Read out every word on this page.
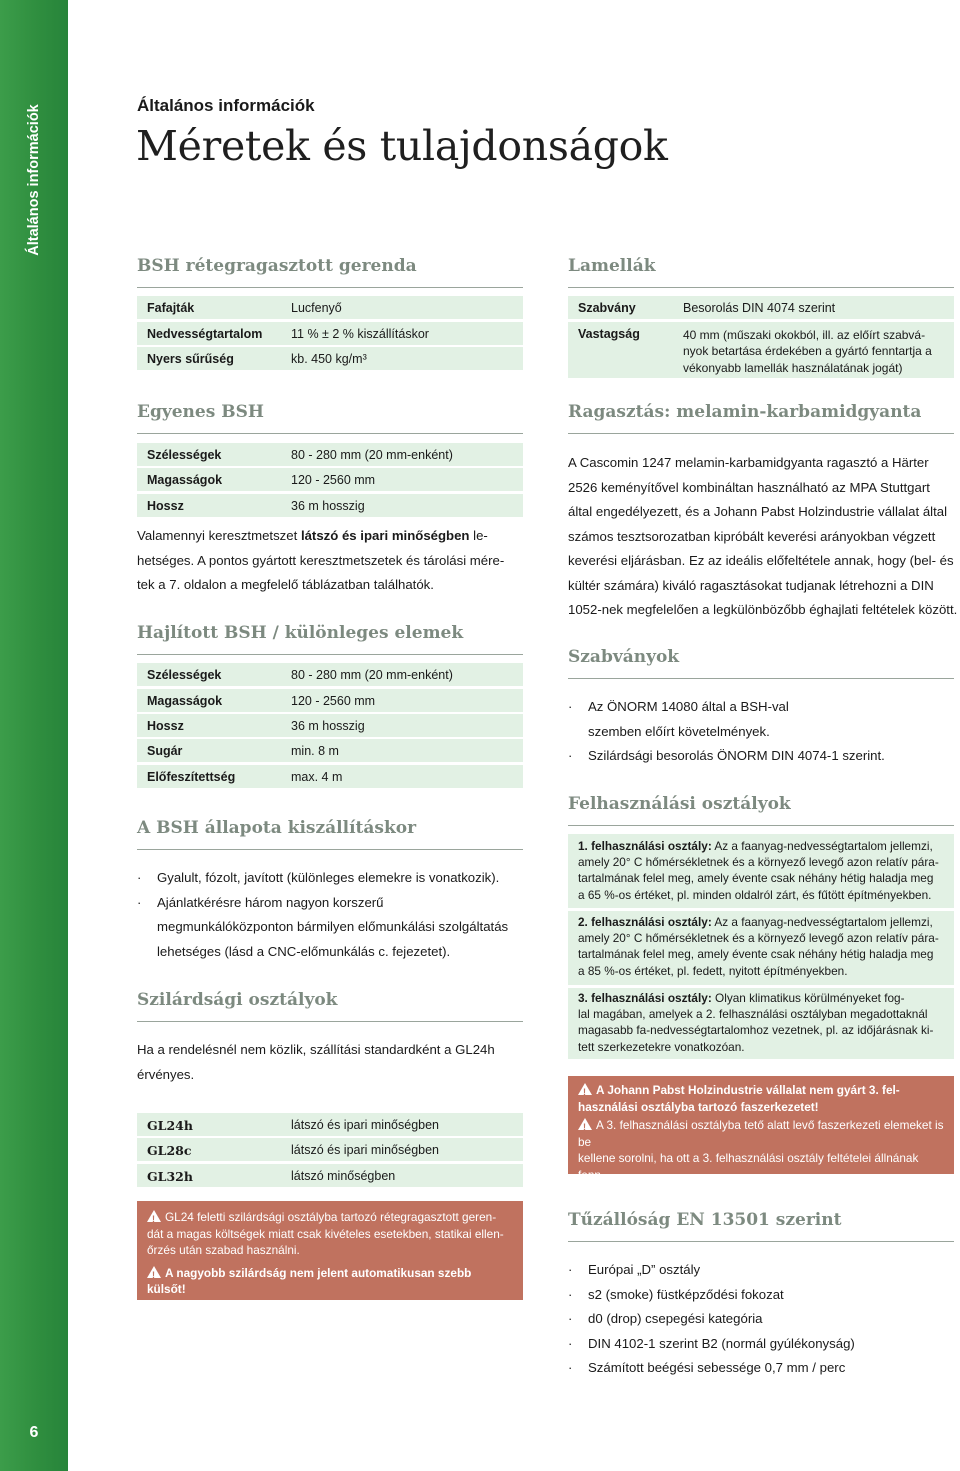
Általános információk
6
Általános információk
Méretek és tulajdonságok
BSH rétegragasztott gerenda
Fafajták	Lucfenyő
Nedvességtartalom 11 % ± 2 % kiszállításkor
Nyers sűrűség	kb. 450 kg/m³
Egyenes BSH
Szélességek	80 - 280 mm (20 mm-enként)
Magasságok	120 - 2560 mm
Hossz	36 m hosszig
Valamennyi keresztmetszet látszó és ipari minőségben le-
hetséges. A pontos gyártott keresztmetszetek és tárolási mére-
tek a 7. oldalon a megfelelő táblázatban találhatók.
Hajlított BSH / különleges elemek
Szélességek	80 - 280 mm (20 mm-enként)
Magasságok	120 - 2560 mm
Hossz	36 m hosszig
Sugár	min. 8 m
Előfeszítettség	max. 4 m
A BSH állapota kiszállításkor
· Gyalult, fózolt, javított (különleges elemekre is vonatkozik).
· Ajánlatkérésre három nagyon korszerű
megmunkálóközponton bármilyen előmunkálási szolgáltatás
lehetséges (lásd a CNC-előmunkálás c. fejezetet).
Szilárdsági osztályok
Ha a rendelésnél nem közlik, szállítási standardként a GL24h
érvényes.
GL24h	látszó és ipari minőségben
GL28c	látszó és ipari minőségben
GL32h	látszó minőségben
!GL24 feletti szilárdsági osztályba tartozó rétegragasztott geren-
dát a magas költségek miatt csak kivételes esetekben, statikai ellen-
őrzés után szabad használni.
!A nagyobb szilárdság nem jelent automatikusan szebb
külsőt!
Lamellák
Szabvány	Besorolás DIN 4074 szerint
Vastagság	40 mm (műszaki okokból, ill. az előírt szabvá-
nyok betartása érdekében a gyártó fenntartja a
vékonyabb lamellák használatának jogát)
Ragasztás: melamin-karbamidgyanta
A Cascomin 1247 melamin-karbamidgyanta ragasztó a Härter
2526 keményítővel kombináltan használható az MPA Stuttgart
által engedélyezett, és a Johann Pabst Holzindustrie vállalat által
számos tesztsorozatban kipróbált keverési arányokban végzett
keverési eljárásban. Ez az ideális előfeltétele annak, hogy (bel- és
kültér számára) kiváló ragasztásokat tudjanak létrehozni a DIN
1052-nek megfelelően a legkülönbözőbb éghajlati feltételek között.
Szabványok
· Az ÖNORM 14080 által a BSH-val
szemben előírt követelmények.
· Szilárdsági besorolás ÖNORM DIN 4074-1 szerint.
Felhasználási osztályok
1. felhasználási osztály: Az a faanyag-nedvességtartalom jellemzi,
amely 20° C hőmérsékletnek és a környező levegő azon relatív pára-
tartalmának felel meg, amely évente csak néhány hétig haladja meg
a 65 %-os értéket, pl. minden oldalról zárt, és fűtött építményekben.
2. felhasználási osztály: Az a faanyag-nedvességtartalom jellemzi,
amely 20° C hőmérsékletnek és a környező levegő azon relatív pára-
tartalmának felel meg, amely évente csak néhány hétig haladja meg
a 85 %-os értéket, pl. fedett, nyitott építményekben.
3. felhasználási osztály: Olyan klimatikus körülményeket fog-
lal magában, amelyek a 2. felhasználási osztályban megadottaknál
magasabb fa-nedvességtartalomhoz vezetnek, pl. az időjárásnak ki-
tett szerkezetekre vonatkozóan.
!A Johann Pabst Holzindustrie vállalat nem gyárt 3. fel-
használási osztályba tartozó faszerkezetet!
!A 3. felhasználási osztályba tető alatt levő faszerkezeti elemeket is be
kellene sorolni, ha ott a 3. felhasználási osztály feltételei állnának fenn
vagy lennének elvárhatók, pl. előreálló balkonok esetén a támaszok.
Tűzállóság EN 13501 szerint
· Európai „D” osztály
· s2 (smoke) füstképződési fokozat
· d0 (drop) csepegési kategória
· DIN 4102-1 szerint B2 (normál gyúlékonyság)
· Számított beégési sebessége 0,7 mm / perc
